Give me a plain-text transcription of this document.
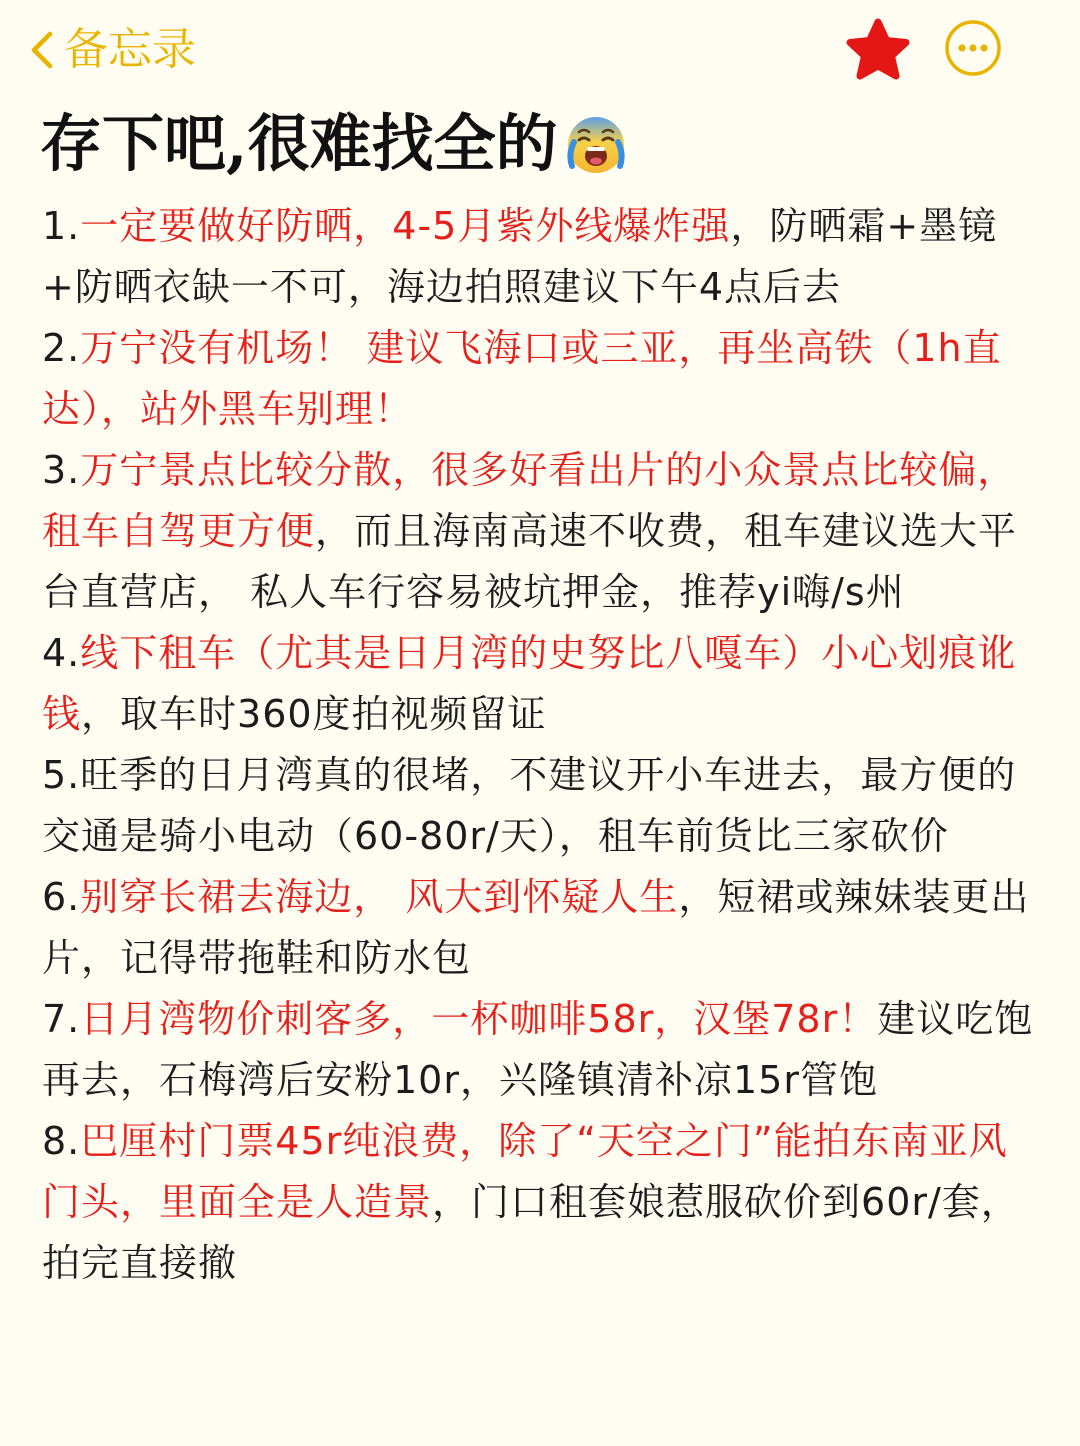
备忘录
存下吧,很难找全的

1.一定要做好防晒，4-5月紫外线爆炸强，防晒霜+墨镜+防晒衣缺一不可，海边拍照建议下午4点后去

2.万宁没有机场！ 建议飞海口或三亚，再坐高铁（1h直达），站外黑车别理！

3.万宁景点比较分散，很多好看出片的小众景点比较偏，租车自驾更方便，而且海南高速不收费，租车建议选大平台直营店， 私人车行容易被坑押金，推荐yi嗨/s州

4.线下租车（尤其是日月湾的史努比八嘎车）小心划痕讹钱，取车时360度拍视频留证

5.旺季的日月湾真的很堵，不建议开小车进去，最方便的交通是骑小电动（60-80r/天），租车前货比三家砍价

6.别穿长裙去海边， 风大到怀疑人生，短裙或辣妹装更出片，记得带拖鞋和防水包

7.日月湾物价刺客多，一杯咖啡58r，汉堡78r！建议吃饱再去，石梅湾后安粉10r，兴隆镇清补凉15r管饱

8.巴厘村门票45r纯浪费，除了“天空之门”能拍东南亚风门头，里面全是人造景，门口租套娘惹服砍价到60r/套，拍完直接撤
